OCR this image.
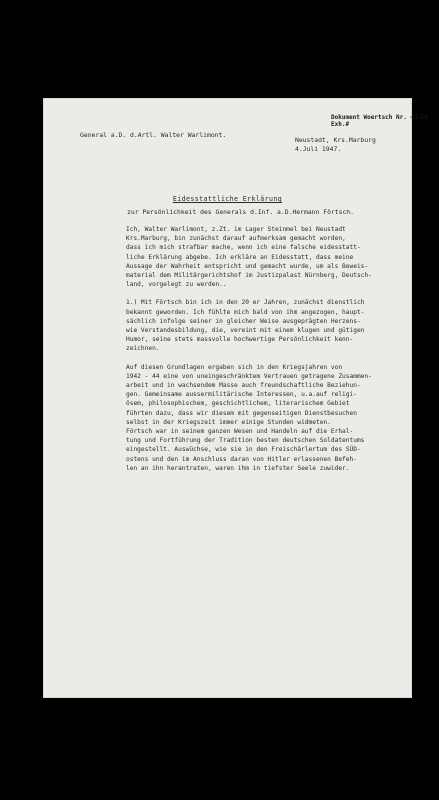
Dokument Woertsch Nr. 44/44
Exh.#
General a.D. d.Artl. Walter Warlimont.
Neustadt, Krs.Marburg
4.Juli 1947.
Eidesstattliche Erklärung
zur Persönlichkeit des Generals d.Inf. a.D.Hermann Förtsch.
Ich, Walter Warlimont, z.Zt. im Lager Steinmel bei Neustadt
Krs.Marburg, bin zunächst darauf aufmerksam gemacht worden,
dass ich mich strafbar mache, wenn ich eine falsche eidesstatt-
liche Erklärung abgebe. Ich erkläre an Eidesstatt, dass meine
Aussage der Wahrheit entspricht und gemacht wurde, um als Beweis-
material dem Militärgerichtshof im Justizpalast Nürnberg, Deutsch-
land, vorgelegt zu werden..
1.) Mit Förtsch bin ich in den 20 er Jahren, zunächst dienstlich
bekannt geworden. Ich fühlte mich bald von ihm angezogen, haupt-
sächlich infolge seiner in gleicher Weise ausgeprägten Herzens-
wie Verstandesbildung, die, vereint mit einem klugen und gütigen
Humor, seine stets massvolle hochwertige Persönlichkeit kenn-
zeichnen.
Auf diesen Grundlagen ergaben sich in den Kriegsjahren von
1942 - 44 eine von uneingeschränktem Vertrauen getragene Zusammen-
arbeit und in wachsendem Masse auch freundschaftliche Beziehun-
gen. Gemeinsame aussermilitärische Interessen, u.a.auf religi-
ösem, philosophischem, geschichtlichem, literarischem Gebiet
führten dazu, dass wir diesem mit gegenseitigen Dienstbesuchen
selbst in der Kriegszeit immer einige Stunden widmeten.
Förtsch war in seinem ganzen Wesen und Handeln auf die Erhal-
tung und Fortführung der Tradition besten deutschen Soldatentums
eingestellt. Auswüchse, wie sie in den Freischärlertum des SÜD-
ostens und den im Anschluss daran von Hitler erlassenen Befeh-
len an ihn herantraten, waren ihm in tiefster Seele zuwider.
